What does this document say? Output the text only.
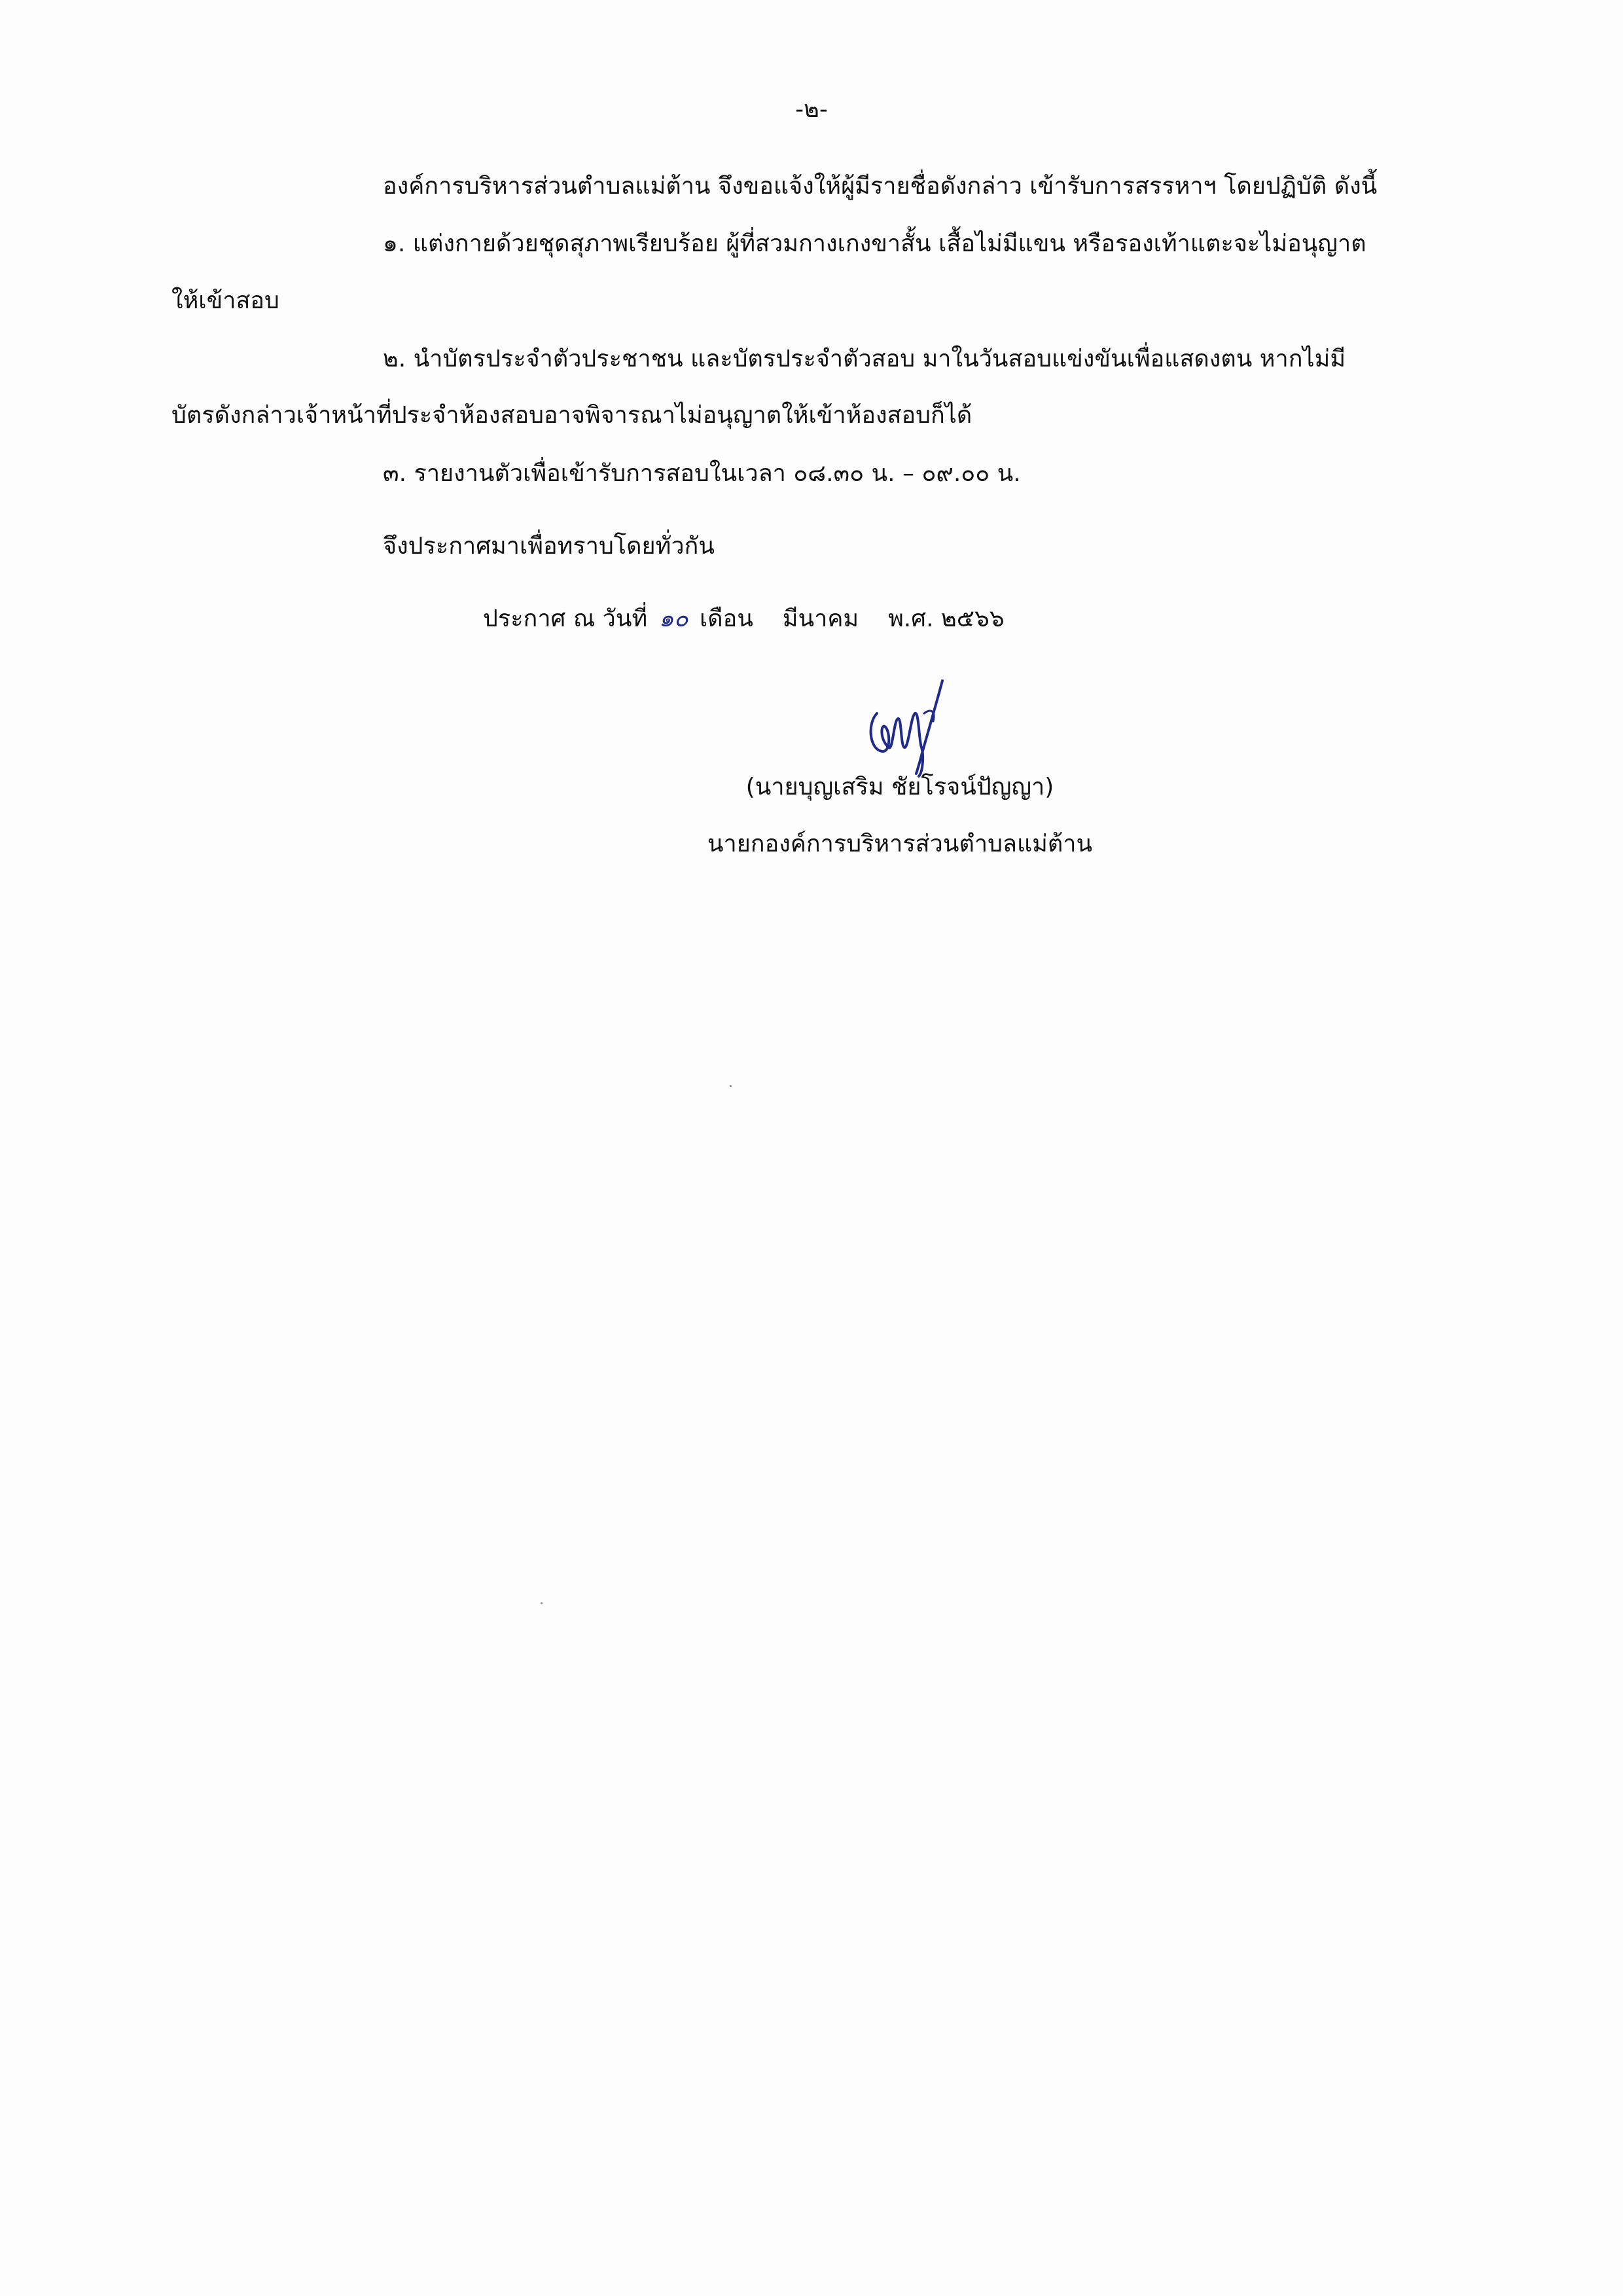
-๒-
องค์การบริหารส่วนตำบลแม่ต้าน จึงขอแจ้งให้ผู้มีรายชื่อดังกล่าว เข้ารับการสรรหาฯ โดยปฏิบัติ ดังนี้
๑. แต่งกายด้วยชุดสุภาพเรียบร้อย ผู้ที่สวมกางเกงขาสั้น เสื้อไม่มีแขน หรือรองเท้าแตะจะไม่อนุญาต
ให้เข้าสอบ
๒. นำบัตรประจำตัวประชาชน และบัตรประจำตัวสอบ มาในวันสอบแข่งขันเพื่อแสดงตน หากไม่มี
บัตรดังกล่าวเจ้าหน้าที่ประจำห้องสอบอาจพิจารณาไม่อนุญาตให้เข้าห้องสอบก็ได้
๓. รายงานตัวเพื่อเข้ารับการสอบในเวลา ๐๘.๓๐ น. – ๐๙.๐๐ น.
จึงประกาศมาเพื่อทราบโดยทั่วกัน
ประกาศ ณ วันที่ ๑๐ เดือน มีนาคม พ.ศ. ๒๕๖๖
(นายบุญเสริม ชัยโรจน์ปัญญา)
นายกองค์การบริหารส่วนตำบลแม่ต้าน
